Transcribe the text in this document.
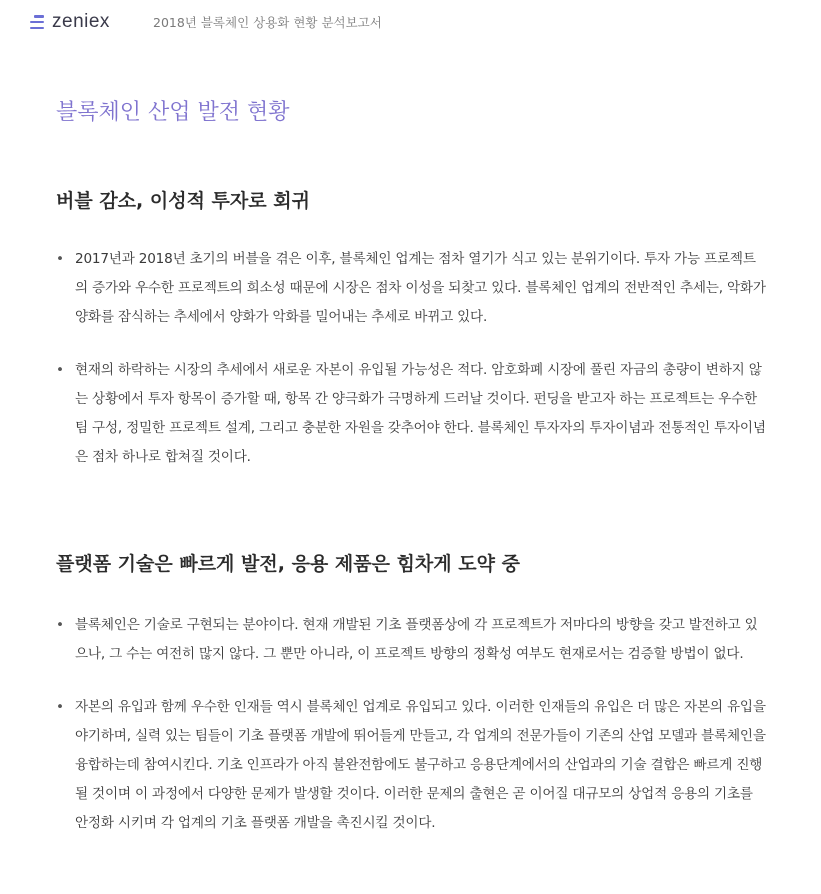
zeniex	2018년 블록체인 상용화 현황 분석보고서
블록체인 산업 발전 현황
버블 감소, 이성적 투자로 회귀
• 2017년과 2018년 초기의 버블을 겪은 이후, 블록체인 업계는 점차 열기가 식고 있는 분위기이다. 투자 가능 프로젝트의 증가와 우수한 프로젝트의 희소성 때문에 시장은 점차 이성을 되찾고 있다. 블록체인 업계의 전반적인 추세는, 악화가 양화를 잠식하는 추세에서 양화가 악화를 밀어내는 추세로 바뀌고 있다.
• 현재의 하락하는 시장의 추세에서 새로운 자본이 유입될 가능성은 적다. 암호화폐 시장에 풀린 자금의 총량이 변하지 않는 상황에서 투자 항목이 증가할 때, 항목 간 양극화가 극명하게 드러날 것이다. 펀딩을 받고자 하는 프로젝트는 우수한 팀 구성, 정밀한 프로젝트 설계, 그리고 충분한 자원을 갖추어야 한다. 블록체인 투자자의 투자이념과 전통적인 투자이념은 점차 하나로 합쳐질 것이다.
플랫폼 기술은 빠르게 발전, 응용 제품은 힘차게 도약 중
• 블록체인은 기술로 구현되는 분야이다. 현재 개발된 기초 플랫폼상에 각 프로젝트가 저마다의 방향을 갖고 발전하고 있으나, 그 수는 여전히 많지 않다. 그 뿐만 아니라, 이 프로젝트 방향의 정확성 여부도 현재로서는 검증할 방법이 없다.
• 자본의 유입과 함께 우수한 인재들 역시 블록체인 업계로 유입되고 있다. 이러한 인재들의 유입은 더 많은 자본의 유입을 야기하며, 실력 있는 팀들이 기초 플랫폼 개발에 뛰어들게 만들고, 각 업계의 전문가들이 기존의 산업 모델과 블록체인을 융합하는데 참여시킨다. 기초 인프라가 아직 불완전함에도 불구하고 응용단계에서의 산업과의 기술 결합은 빠르게 진행될 것이며 이 과정에서 다양한 문제가 발생할 것이다. 이러한 문제의 출현은 곧 이어질 대규모의 상업적 응용의 기초를 안정화 시키며 각 업계의 기초 플랫폼 개발을 촉진시킬 것이다.
